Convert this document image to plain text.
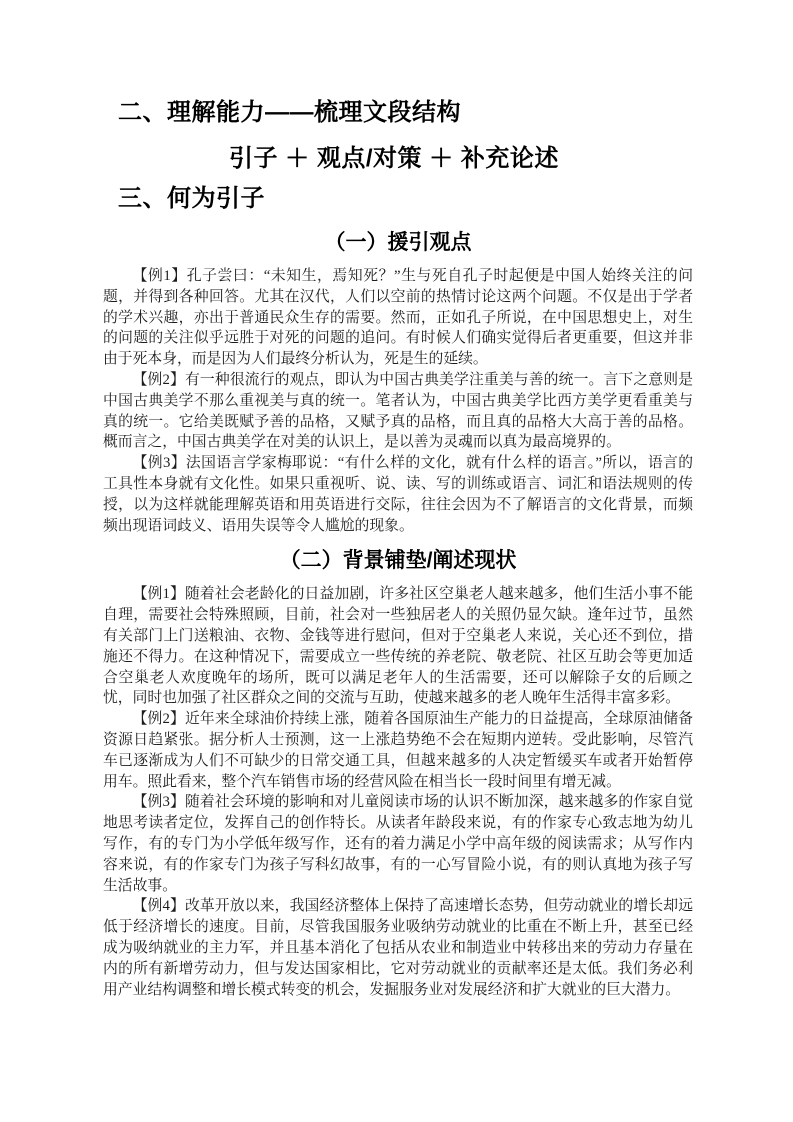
二、理解能力——梳理文段结构
引子 ＋ 观点/对策 ＋ 补充论述
三、何为引子
（一）援引观点

【例1】孔子尝曰：“未知生，焉知死？”生与死自孔子时起便是中国人始终关注的问题，并得到各种回答。尤其在汉代，人们以空前的热情讨论这两个问题。不仅是出于学者的学术兴趣，亦出于普通民众生存的需要。然而，正如孔子所说，在中国思想史上，对生的问题的关注似乎远胜于对死的问题的追问。有时候人们确实觉得后者更重要，但这并非由于死本身，而是因为人们最终分析认为，死是生的延续。

【例2】有一种很流行的观点，即认为中国古典美学注重美与善的统一。言下之意则是中国古典美学不那么重视美与真的统一。笔者认为，中国古典美学比西方美学更看重美与真的统一。它给美既赋予善的品格，又赋予真的品格，而且真的品格大大高于善的品格。概而言之，中国古典美学在对美的认识上，是以善为灵魂而以真为最高境界的。

【例3】法国语言学家梅耶说：“有什么样的文化，就有什么样的语言。”所以，语言的工具性本身就有文化性。如果只重视听、说、读、写的训练或语言、词汇和语法规则的传授，以为这样就能理解英语和用英语进行交际，往往会因为不了解语言的文化背景，而频频出现语词歧义、语用失误等令人尴尬的现象。

（二）背景铺垫/阐述现状

【例1】随着社会老龄化的日益加剧，许多社区空巢老人越来越多，他们生活小事不能自理，需要社会特殊照顾，目前，社会对一些独居老人的关照仍显欠缺。逢年过节，虽然有关部门上门送粮油、衣物、金钱等进行慰问，但对于空巢老人来说，关心还不到位，措施还不得力。在这种情况下，需要成立一些传统的养老院、敬老院、社区互助会等更加适合空巢老人欢度晚年的场所，既可以满足老年人的生活需要，还可以解除子女的后顾之忧，同时也加强了社区群众之间的交流与互助，使越来越多的老人晚年生活得丰富多彩。

【例2】近年来全球油价持续上涨，随着各国原油生产能力的日益提高，全球原油储备资源日趋紧张。据分析人士预测，这一上涨趋势绝不会在短期内逆转。受此影响，尽管汽车已逐渐成为人们不可缺少的日常交通工具，但越来越多的人决定暂缓买车或者开始暂停用车。照此看来，整个汽车销售市场的经营风险在相当长一段时间里有增无减。

【例3】随着社会环境的影响和对儿童阅读市场的认识不断加深，越来越多的作家自觉地思考读者定位，发挥自己的创作特长。从读者年龄段来说，有的作家专心致志地为幼儿写作，有的专门为小学低年级写作，还有的着力满足小学中高年级的阅读需求；从写作内容来说，有的作家专门为孩子写科幻故事，有的一心写冒险小说，有的则认真地为孩子写生活故事。

【例4】改革开放以来，我国经济整体上保持了高速增长态势，但劳动就业的增长却远低于经济增长的速度。目前，尽管我国服务业吸纳劳动就业的比重在不断上升，甚至已经成为吸纳就业的主力军，并且基本消化了包括从农业和制造业中转移出来的劳动力存量在内的所有新增劳动力，但与发达国家相比，它对劳动就业的贡献率还是太低。我们务必利用产业结构调整和增长模式转变的机会，发掘服务业对发展经济和扩大就业的巨大潜力。
